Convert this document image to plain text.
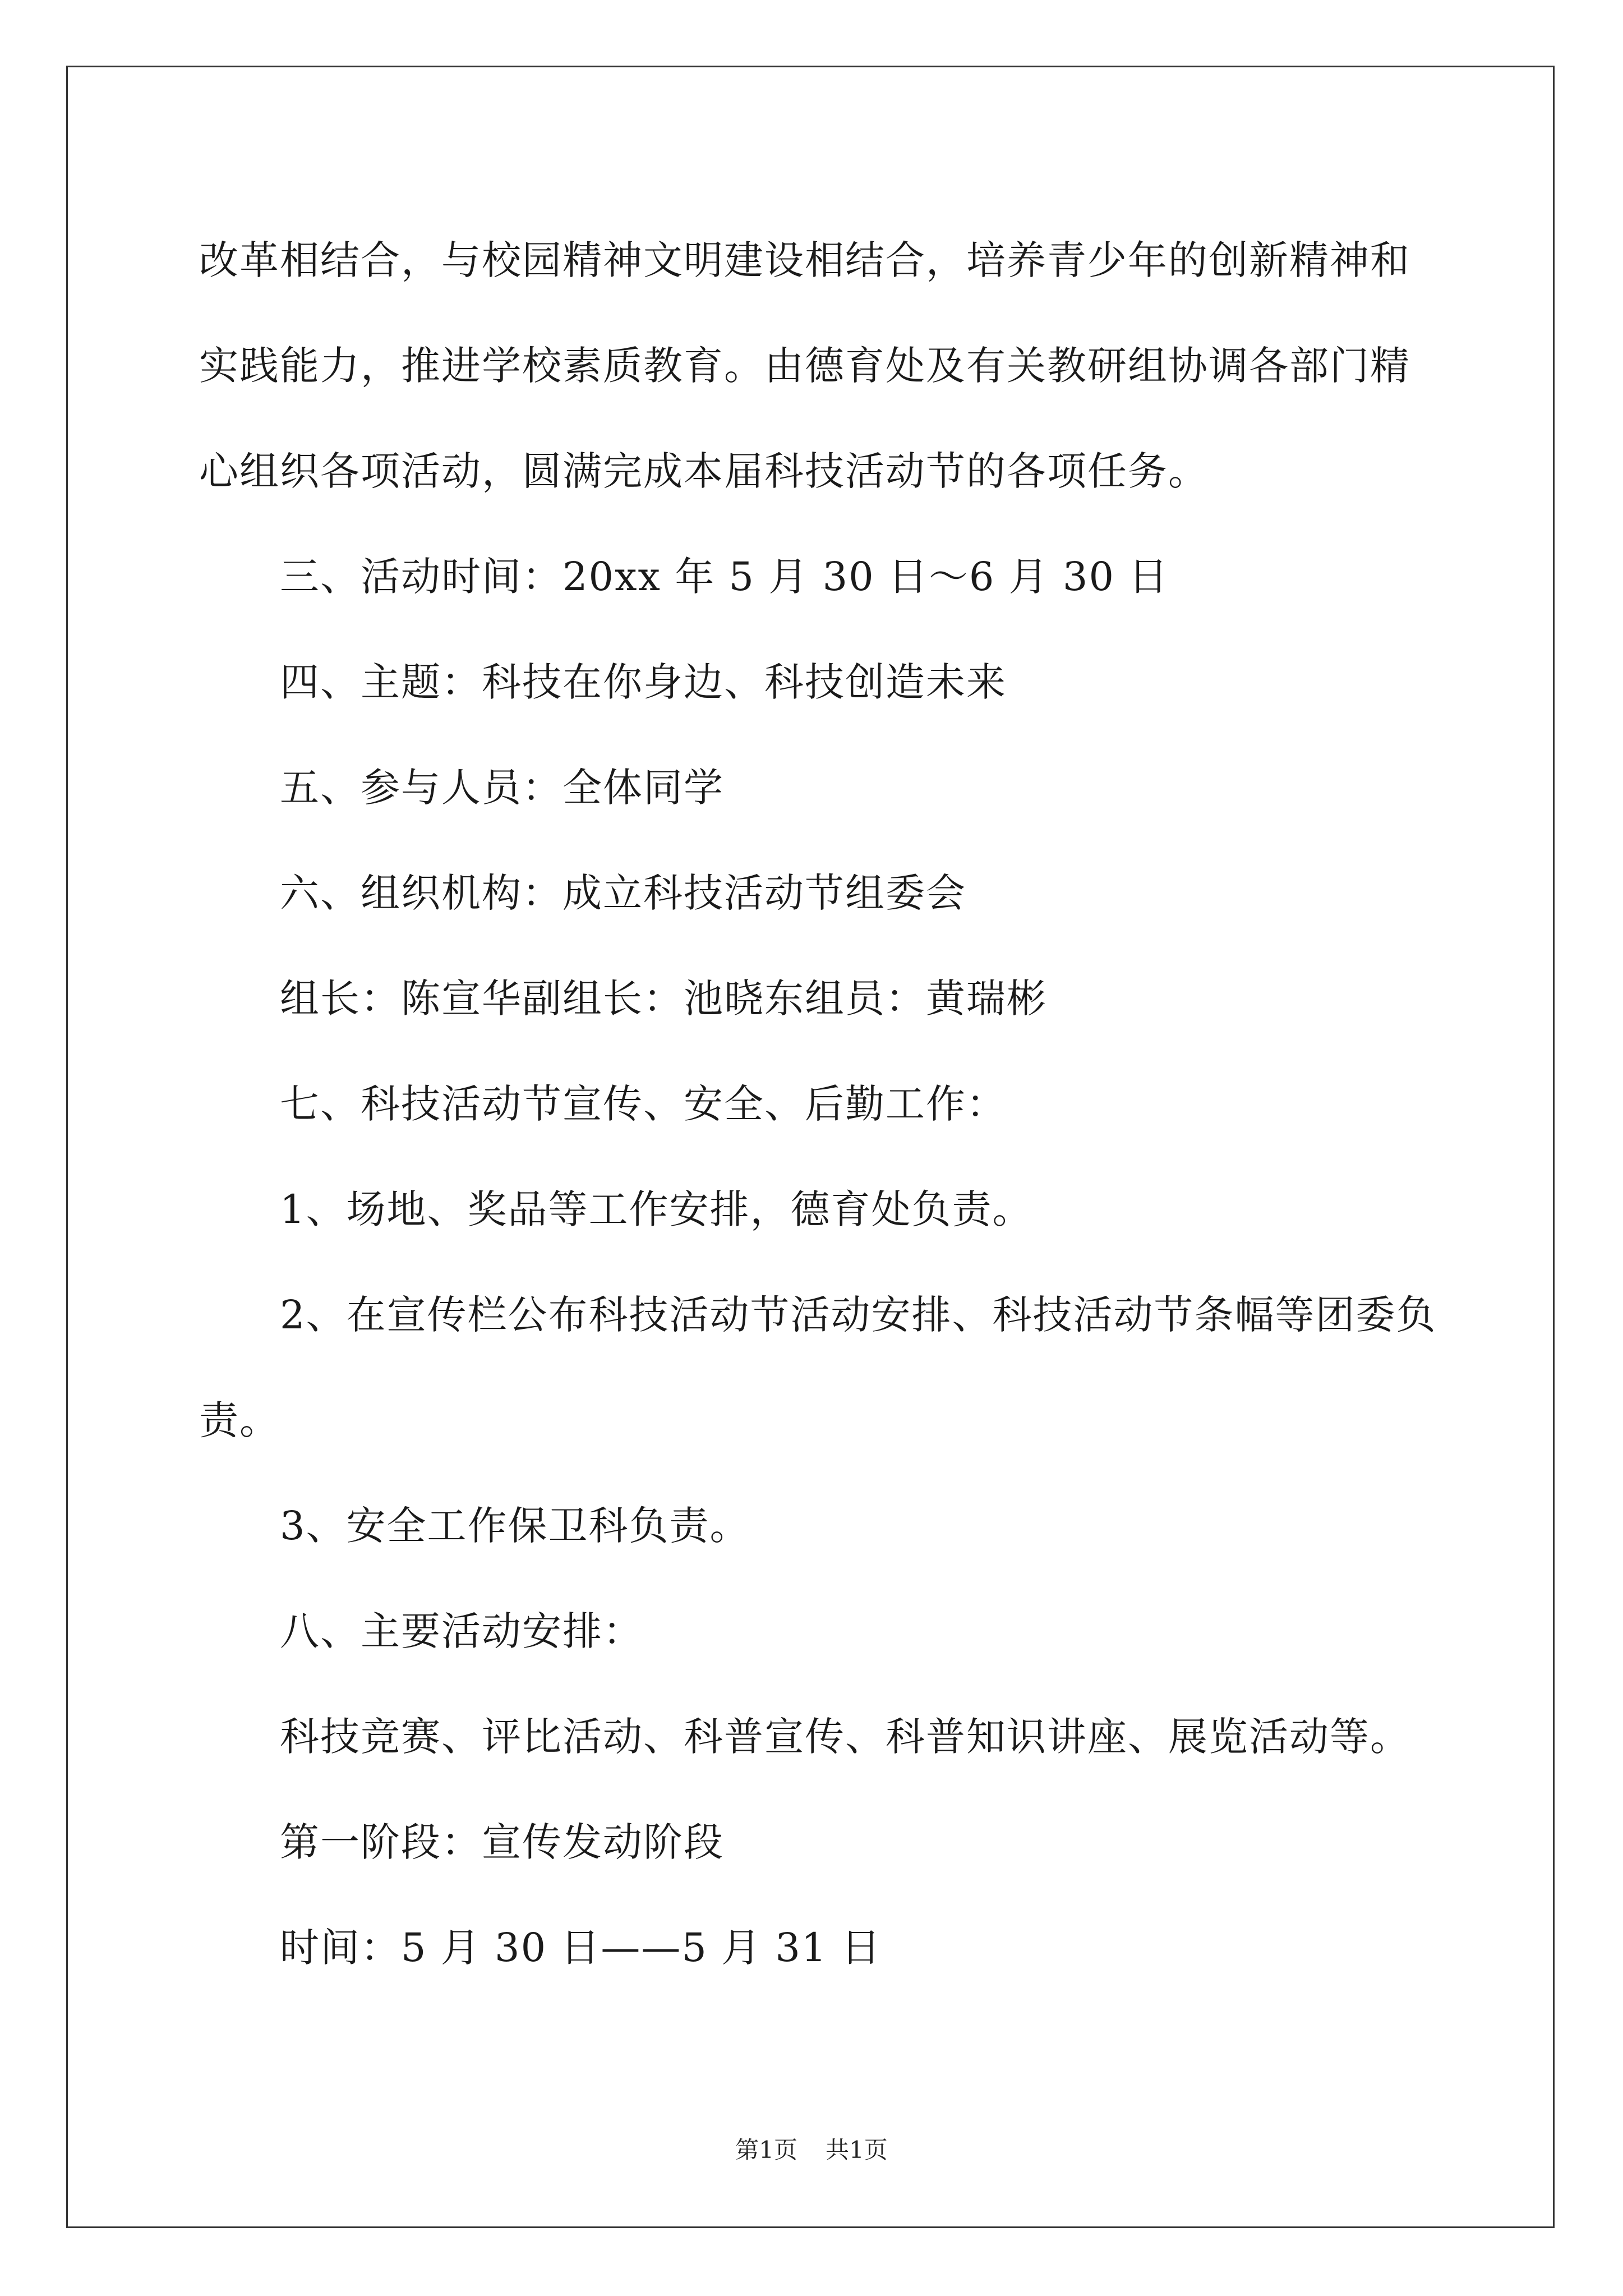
改革相结合，与校园精神文明建设相结合，培养青少年的创新精神和
实践能力，推进学校素质教育。由德育处及有关教研组协调各部门精
心组织各项活动，圆满完成本届科技活动节的各项任务。
三、活动时间：20xx 年 5 月 30 日～6 月 30 日
四、主题：科技在你身边、科技创造未来
五、参与人员：全体同学
六、组织机构：成立科技活动节组委会
组长：陈宣华副组长：池晓东组员：黄瑞彬
七、科技活动节宣传、安全、后勤工作：
1、场地、奖品等工作安排，德育处负责。
2、在宣传栏公布科技活动节活动安排、科技活动节条幅等团委负
责。
3、安全工作保卫科负责。
八、主要活动安排：
科技竞赛、评比活动、科普宣传、科普知识讲座、展览活动等。
第一阶段：宣传发动阶段
时间：5 月 30 日——5 月 31 日
第1页 共1页
